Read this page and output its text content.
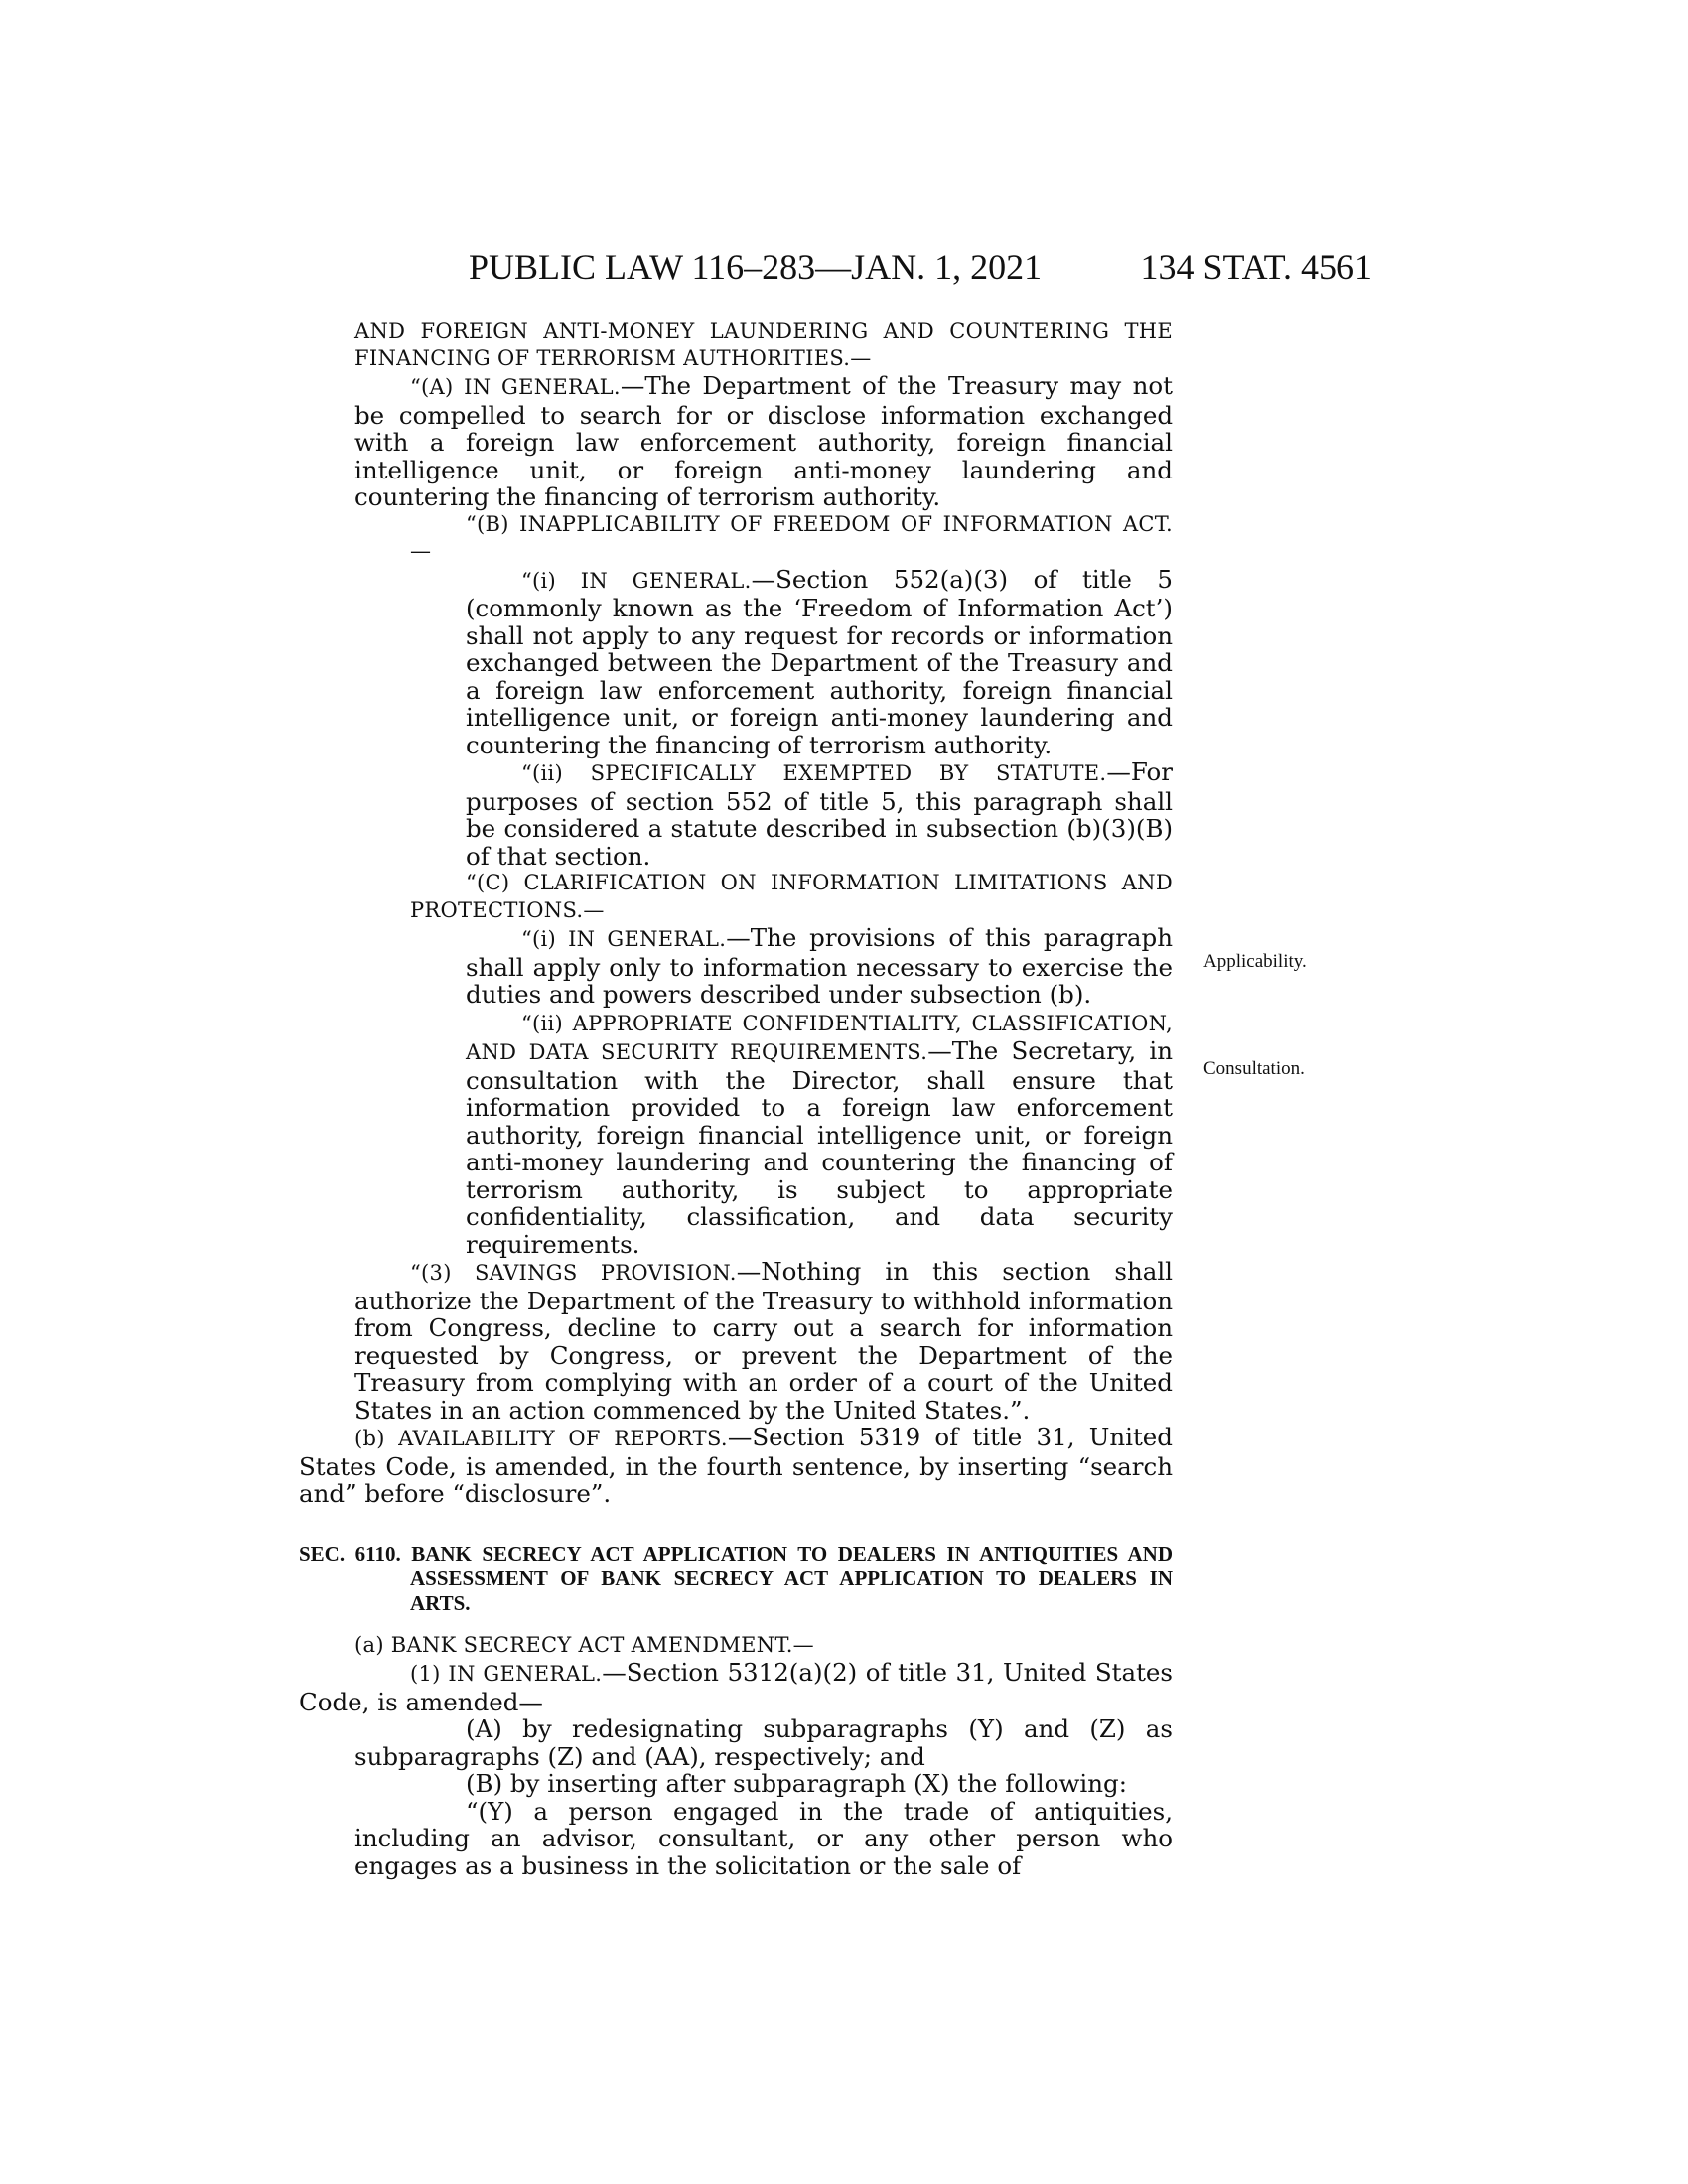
PUBLIC LAW 116–283—JAN. 1, 2021	134 STAT. 4561
Applicability.
Consultation.

AND FOREIGN ANTI-MONEY LAUNDERING AND COUNTERING THE FINANCING OF TERRORISM AUTHORITIES.—

“(A) IN GENERAL.—The Department of the Treasury may not be compelled to search for or disclose information exchanged with a foreign law enforcement authority, foreign financial intelligence unit, or foreign anti-money laundering and countering the financing of terrorism authority.

“(B) INAPPLICABILITY OF FREEDOM OF INFORMATION ACT.—

“(i) IN GENERAL.—Section 552(a)(3) of title 5 (commonly known as the ‘Freedom of Information Act’) shall not apply to any request for records or information exchanged between the Department of the Treasury and a foreign law enforcement authority, foreign financial intelligence unit, or foreign anti-money laundering and countering the financing of terrorism authority.

“(ii) SPECIFICALLY EXEMPTED BY STATUTE.—For purposes of section 552 of title 5, this paragraph shall be considered a statute described in subsection (b)(3)(B) of that section.

“(C) CLARIFICATION ON INFORMATION LIMITATIONS AND PROTECTIONS.—

“(i) IN GENERAL.—The provisions of this paragraph shall apply only to information necessary to exercise the duties and powers described under subsection (b).

“(ii) APPROPRIATE CONFIDENTIALITY, CLASSIFICATION, AND DATA SECURITY REQUIREMENTS.—The Secretary, in consultation with the Director, shall ensure that information provided to a foreign law enforcement authority, foreign financial intelligence unit, or foreign anti-money laundering and countering the financing of terrorism authority, is subject to appropriate confidentiality, classification, and data security requirements.

“(3) SAVINGS PROVISION.—Nothing in this section shall authorize the Department of the Treasury to withhold information from Congress, decline to carry out a search for information requested by Congress, or prevent the Department of the Treasury from complying with an order of a court of the United States in an action commenced by the United States.”.

(b) AVAILABILITY OF REPORTS.—Section 5319 of title 31, United States Code, is amended, in the fourth sentence, by inserting “search and” before “disclosure”.

SEC. 6110. BANK SECRECY ACT APPLICATION TO DEALERS IN ANTIQUITIES AND ASSESSMENT OF BANK SECRECY ACT APPLICATION TO DEALERS IN ARTS.

(a) BANK SECRECY ACT AMENDMENT.—

(1) IN GENERAL.—Section 5312(a)(2) of title 31, United States Code, is amended—

(A) by redesignating subparagraphs (Y) and (Z) as subparagraphs (Z) and (AA), respectively; and

(B) by inserting after subparagraph (X) the following:

“(Y) a person engaged in the trade of antiquities, including an advisor, consultant, or any other person who engages as a business in the solicitation or the sale of
